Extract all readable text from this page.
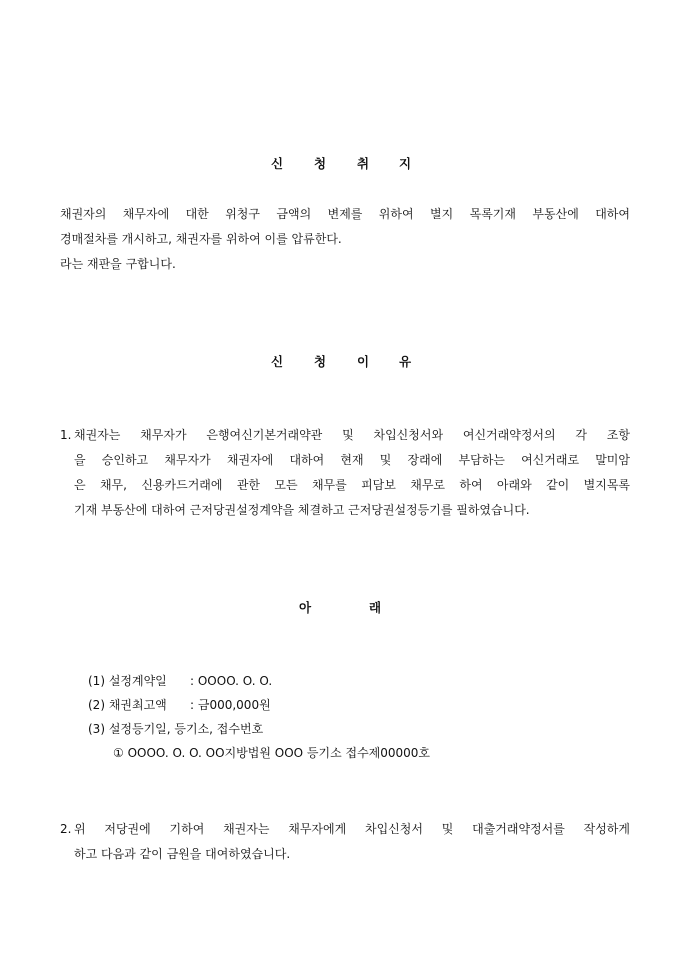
신 청 취 지
채권자의 채무자에 대한 위청구 금액의 변제를 위하여 별지 목록기재 부동산에 대하여
경매절차를 개시하고, 채권자를 위하여 이를 압류한다.
라는 재판을 구합니다.
신 청 이 유
1. 채권자는 채무자가 은행여신기본거래약관 및 차입신청서와 여신거래약정서의 각 조항
을 승인하고 채무자가 채권자에 대하여 현재 및 장래에 부담하는 여신거래로 말미암
은 채무, 신용카드거래에 관한 모든 채무를 피담보 채무로 하여 아래와 같이 별지목록
기재 부동산에 대하여 근저당권설정계약을 체결하고 근저당권설정등기를 필하였습니다.
아	래
(1) 설정계약일 : OOOO. O. O.
(2) 채권최고액 : 금000,000원
(3) 설정등기일, 등기소, 접수번호
① OOOO. O. O. OO지방법원 OOO 등기소 접수제00000호
2. 위 저당권에 기하여 채권자는 채무자에게 차입신청서 및 대출거래약정서를 작성하게
하고 다음과 같이 금원을 대여하였습니다.
